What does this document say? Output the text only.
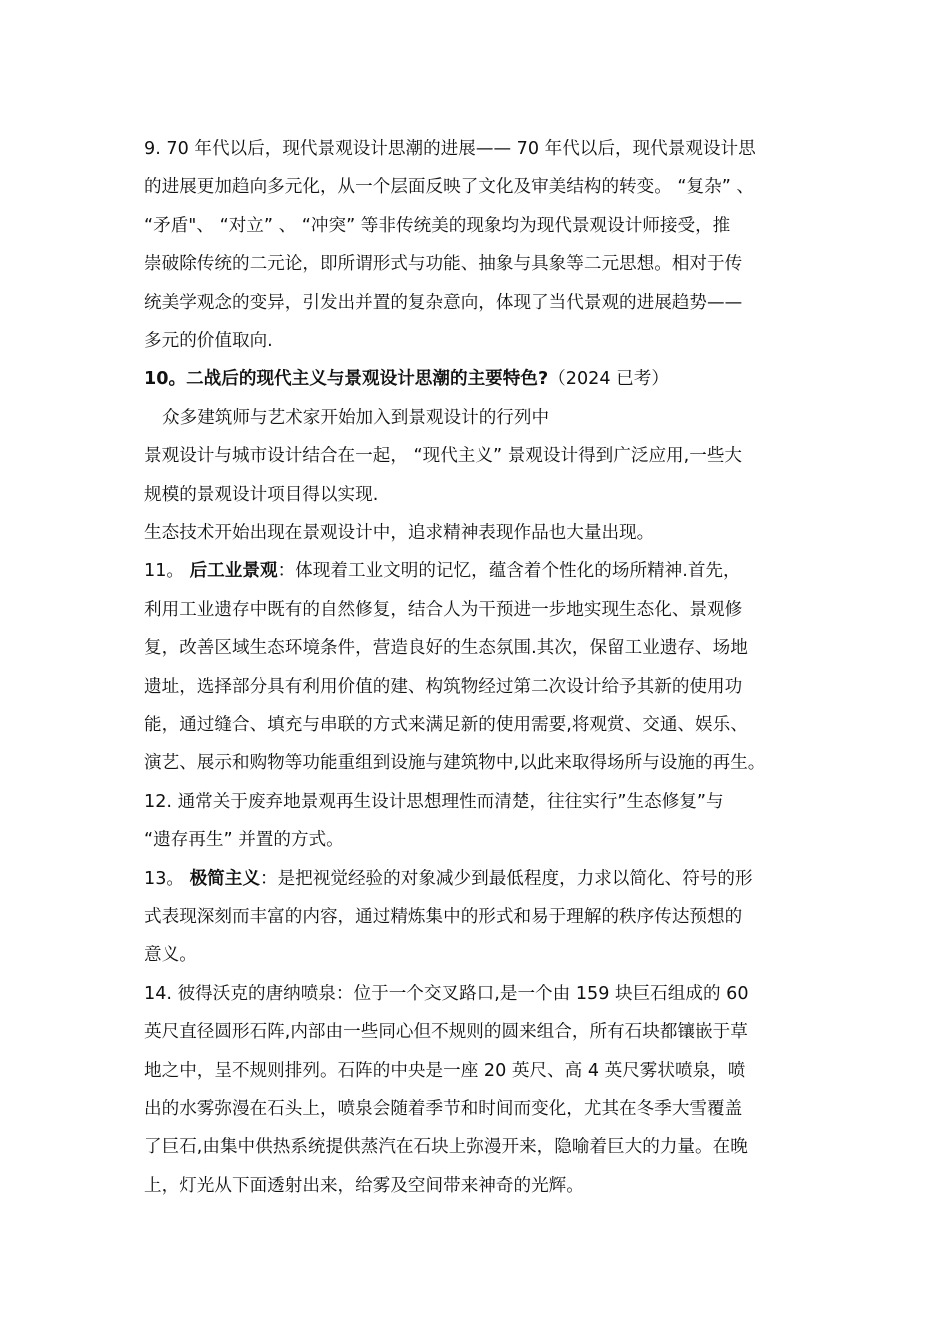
9. 70 年代以后，现代景观设计思潮的进展—— 70 年代以后，现代景观设计思
的进展更加趋向多元化，从一个层面反映了文化及审美结构的转变。 “复杂” 、
“矛盾"、 “对立” 、 “冲突” 等非传统美的现象均为现代景观设计师接受，推
崇破除传统的二元论，即所谓形式与功能、抽象与具象等二元思想。相对于传
统美学观念的变异，引发出并置的复杂意向，体现了当代景观的进展趋势——
多元的价值取向.
10。二战后的现代主义与景观设计思潮的主要特色?（2024 已考）
众多建筑师与艺术家开始加入到景观设计的行列中
景观设计与城市设计结合在一起， “现代主义” 景观设计得到广泛应用,一些大
规模的景观设计项目得以实现.
生态技术开始出现在景观设计中，追求精神表现作品也大量出现。
11。 后工业景观：体现着工业文明的记忆，蕴含着个性化的场所精神.首先，
利用工业遗存中既有的自然修复，结合人为干预进一步地实现生态化、景观修
复，改善区域生态环境条件，营造良好的生态氛围.其次，保留工业遗存、场地
遗址，选择部分具有利用价值的建、构筑物经过第二次设计给予其新的使用功
能，通过缝合、填充与串联的方式来满足新的使用需要,将观赏、交通、娱乐、
演艺、展示和购物等功能重组到设施与建筑物中,以此来取得场所与设施的再生。
12. 通常关于废弃地景观再生设计思想理性而清楚，往往实行”生态修复”与
“遗存再生” 并置的方式。
13。 极简主义：是把视觉经验的对象减少到最低程度，力求以简化、符号的形
式表现深刻而丰富的内容，通过精炼集中的形式和易于理解的秩序传达预想的
意义。
14. 彼得沃克的唐纳喷泉：位于一个交叉路口,是一个由 159 块巨石组成的 60
英尺直径圆形石阵,内部由一些同心但不规则的圆来组合，所有石块都镶嵌于草
地之中，呈不规则排列。石阵的中央是一座 20 英尺、高 4 英尺雾状喷泉，喷
出的水雾弥漫在石头上，喷泉会随着季节和时间而变化，尤其在冬季大雪覆盖
了巨石,由集中供热系统提供蒸汽在石块上弥漫开来，隐喻着巨大的力量。在晚
上，灯光从下面透射出来，给雾及空间带来神奇的光辉。
